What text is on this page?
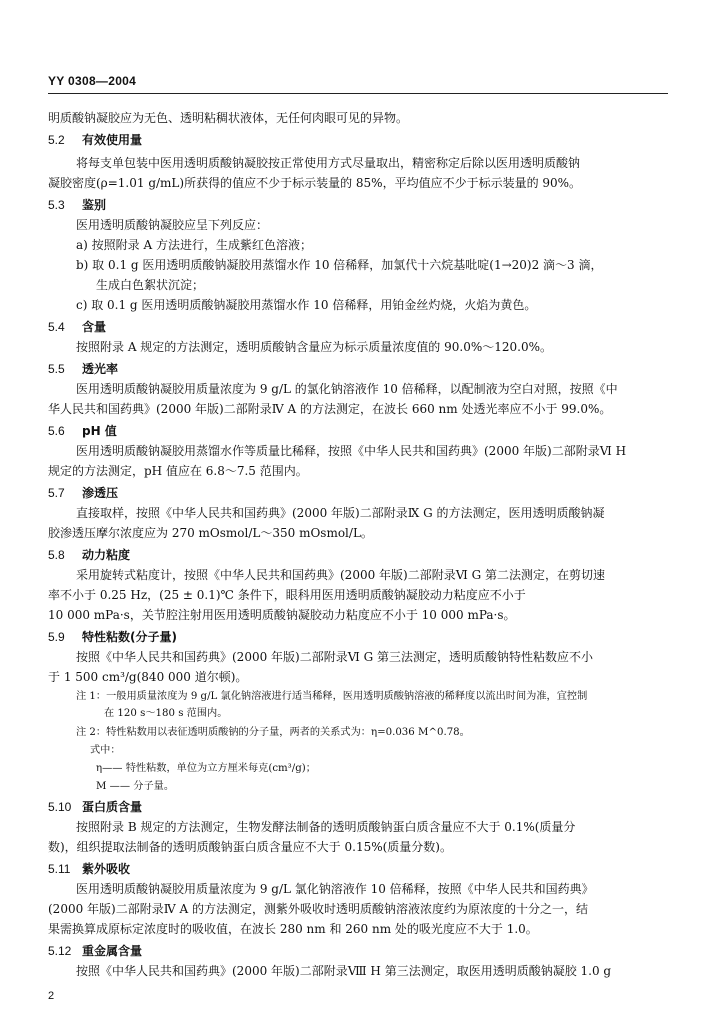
YY 0308—2004
2
明质酸钠凝胶应为无色、透明粘稠状液体，无任何肉眼可见的异物。
5.2 有效使用量
将每支单包装中医用透明质酸钠凝胶按正常使用方式尽量取出，精密称定后除以医用透明质酸钠
凝胶密度(ρ=1.01 g/mL)所获得的值应不少于标示装量的 85%，平均值应不少于标示装量的 90%。
5.3 鉴别
医用透明质酸钠凝胶应呈下列反应：
a) 按照附录 A 方法进行，生成紫红色溶液；
b) 取 0.1 g 医用透明质酸钠凝胶用蒸馏水作 10 倍稀释，加氯代十六烷基吡啶(1→20)2 滴～3 滴，
生成白色絮状沉淀；
c) 取 0.1 g 医用透明质酸钠凝胶用蒸馏水作 10 倍稀释，用铂金丝灼烧，火焰为黄色。
5.4 含量
按照附录 A 规定的方法测定，透明质酸钠含量应为标示质量浓度值的 90.0%～120.0%。
5.5 透光率
医用透明质酸钠凝胶用质量浓度为 9 g/L 的氯化钠溶液作 10 倍稀释，以配制液为空白对照，按照《中
华人民共和国药典》(2000 年版)二部附录Ⅳ A 的方法测定，在波长 660 nm 处透光率应不小于 99.0%。
5.6 pH 值
医用透明质酸钠凝胶用蒸馏水作等质量比稀释，按照《中华人民共和国药典》(2000 年版)二部附录Ⅵ H
规定的方法测定，pH 值应在 6.8～7.5 范围内。
5.7 渗透压
直接取样，按照《中华人民共和国药典》(2000 年版)二部附录Ⅸ G 的方法测定，医用透明质酸钠凝
胶渗透压摩尔浓度应为 270 mOsmol/L～350 mOsmol/L。
5.8 动力粘度
采用旋转式粘度计，按照《中华人民共和国药典》(2000 年版)二部附录Ⅵ G 第二法测定，在剪切速
率不小于 0.25 Hz，(25 ± 0.1)℃ 条件下，眼科用医用透明质酸钠凝胶动力粘度应不小于
10 000 mPa·s，关节腔注射用医用透明质酸钠凝胶动力粘度应不小于 10 000 mPa·s。
5.9 特性粘数(分子量)
按照《中华人民共和国药典》(2000 年版)二部附录Ⅵ G 第三法测定，透明质酸钠特性粘数应不小
于 1 500 cm³/g(840 000 道尔顿)。
注 1：一般用质量浓度为 9 g/L 氯化钠溶液进行适当稀释，医用透明质酸钠溶液的稀释度以流出时间为准，宜控制
在 120 s～180 s 范围内。
注 2：特性粘数用以表征透明质酸钠的分子量，两者的关系式为：η=0.036 M^0.78。
式中：
η—— 特性粘数，单位为立方厘米每克(cm³/g)；
M —— 分子量。
5.10 蛋白质含量
按照附录 B 规定的方法测定，生物发酵法制备的透明质酸钠蛋白质含量应不大于 0.1%(质量分
数)，组织提取法制备的透明质酸钠蛋白质含量应不大于 0.15%(质量分数)。
5.11 紫外吸收
医用透明质酸钠凝胶用质量浓度为 9 g/L 氯化钠溶液作 10 倍稀释，按照《中华人民共和国药典》
(2000 年版)二部附录Ⅳ A 的方法测定，测紫外吸收时透明质酸钠溶液浓度约为原浓度的十分之一，结
果需换算成原标定浓度时的吸收值，在波长 280 nm 和 260 nm 处的吸光度应不大于 1.0。
5.12 重金属含量
按照《中华人民共和国药典》(2000 年版)二部附录Ⅷ H 第三法测定，取医用透明质酸钠凝胶 1.0 g
